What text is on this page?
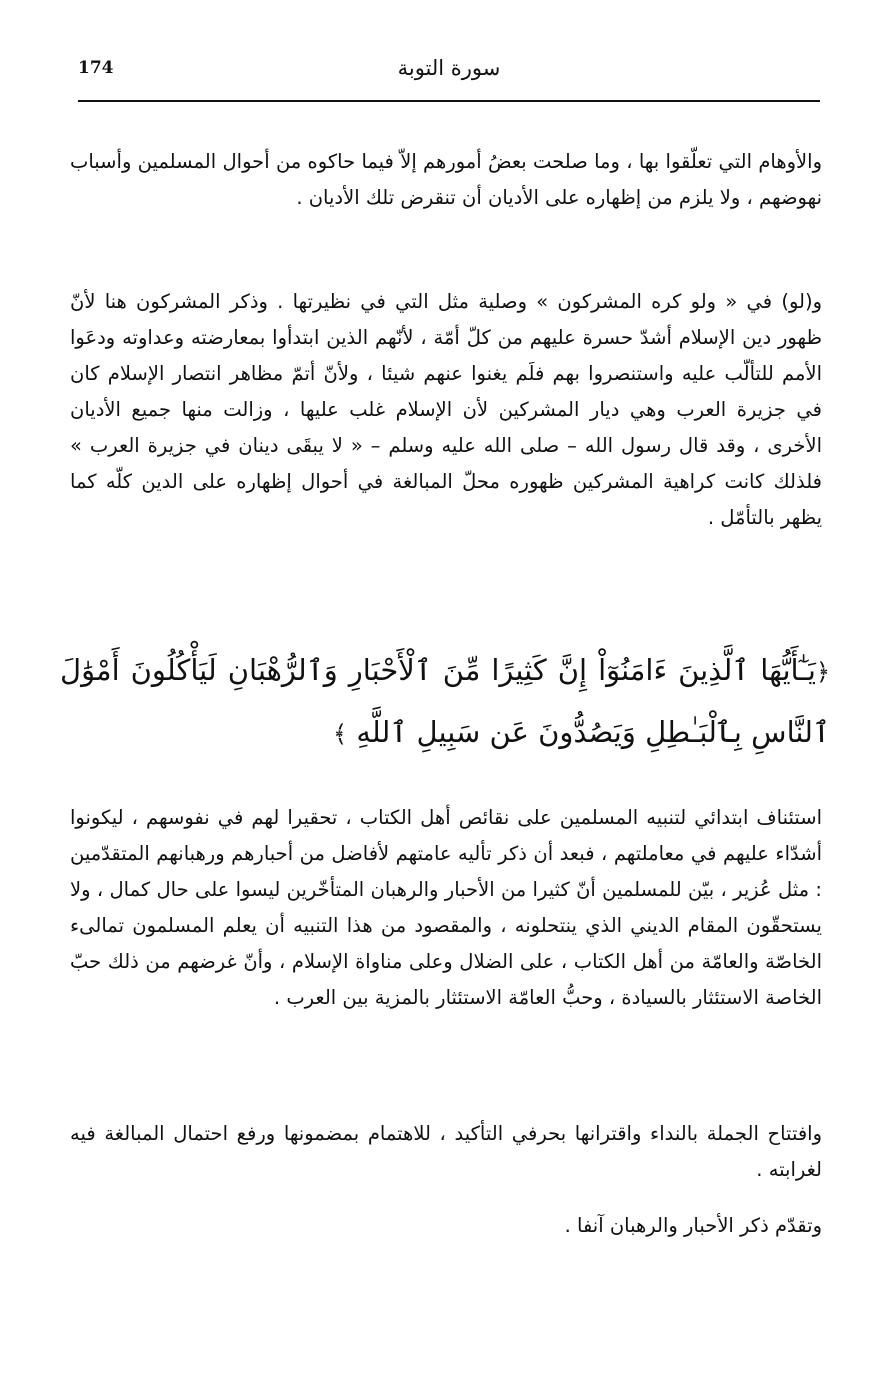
174	سورة التوبة

والأوهام التي تعلّقوا بها ، وما صلحت بعضُ أمورهم إلاّ فيما حاكوه من أحوال المسلمين وأسباب نهوضهم ، ولا يلزم من إظهاره على الأديان أن تنقرض تلك الأديان .

و(لو) في « ولو كره المشركون » وصلية مثل التي في نظيرتها . وذكر المشركون هنا لأنّ ظهور دين الإسلام أشدّ حسرة عليهم من كلّ أمّة ، لأنّهم الذين ابتدأوا بمعارضته وعداوته ودعَوا الأمم للتألّب عليه واستنصروا بهم فلَم يغنوا عنهم شيئا ، ولأنّ أتمّ مظاهر انتصار الإسلام كان في جزيرة العرب وهي ديار المشركين لأن الإسلام غلب عليها ، وزالت منها جميع الأديان الأخرى ، وقد قال رسول الله – صلى الله عليه وسلم – « لا يبقَى دينان في جزيرة العرب » فلذلك كانت كراهية المشركين ظهوره محلّ المبالغة في أحوال إظهاره على الدين كلّه كما يظهر بالتأمّل .

﴿يَـٰٓأَيُّهَا ٱلَّذِينَ ءَامَنُوٓاْ إِنَّ كَثِيرًا مِّنَ ٱلْأَحْبَارِ وَٱلرُّهْبَانِ لَيَأْكُلُونَ أَمْوَٰلَ ٱلنَّاسِ بِٱلْبَـٰطِلِ وَيَصُدُّونَ عَن سَبِيلِ ٱللَّهِ ﴾

استئناف ابتدائي لتنبيه المسلمين على نقائص أهل الكتاب ، تحقيرا لهم في نفوسهم ، ليكونوا أشدّاء عليهم في معاملتهم ، فبعد أن ذكر تأليه عامتهم لأفاضل من أحبارهم ورهبانهم المتقدّمين : مثل عُزير ، بيّن للمسلمين أنّ كثيرا من الأحبار والرهبان المتأخّرين ليسوا على حال كمال ، ولا يستحقّون المقام الديني الذي ينتحلونه ، والمقصود من هذا التنبيه أن يعلم المسلمون تمالىء الخاصّة والعامّة من أهل الكتاب ، على الضلال وعلى مناواة الإسلام ، وأنّ غرضهم من ذلك حبّ الخاصة الاستئثار بالسيادة ، وحبُّ العامّة الاستئثار بالمزية بين العرب .

وافتتاح الجملة بالنداء واقترانها بحرفي التأكيد ، للاهتمام بمضمونها ورفع احتمال المبالغة فيه لغرابته .

وتقدّم ذكر الأحبار والرهبان آنفا .
